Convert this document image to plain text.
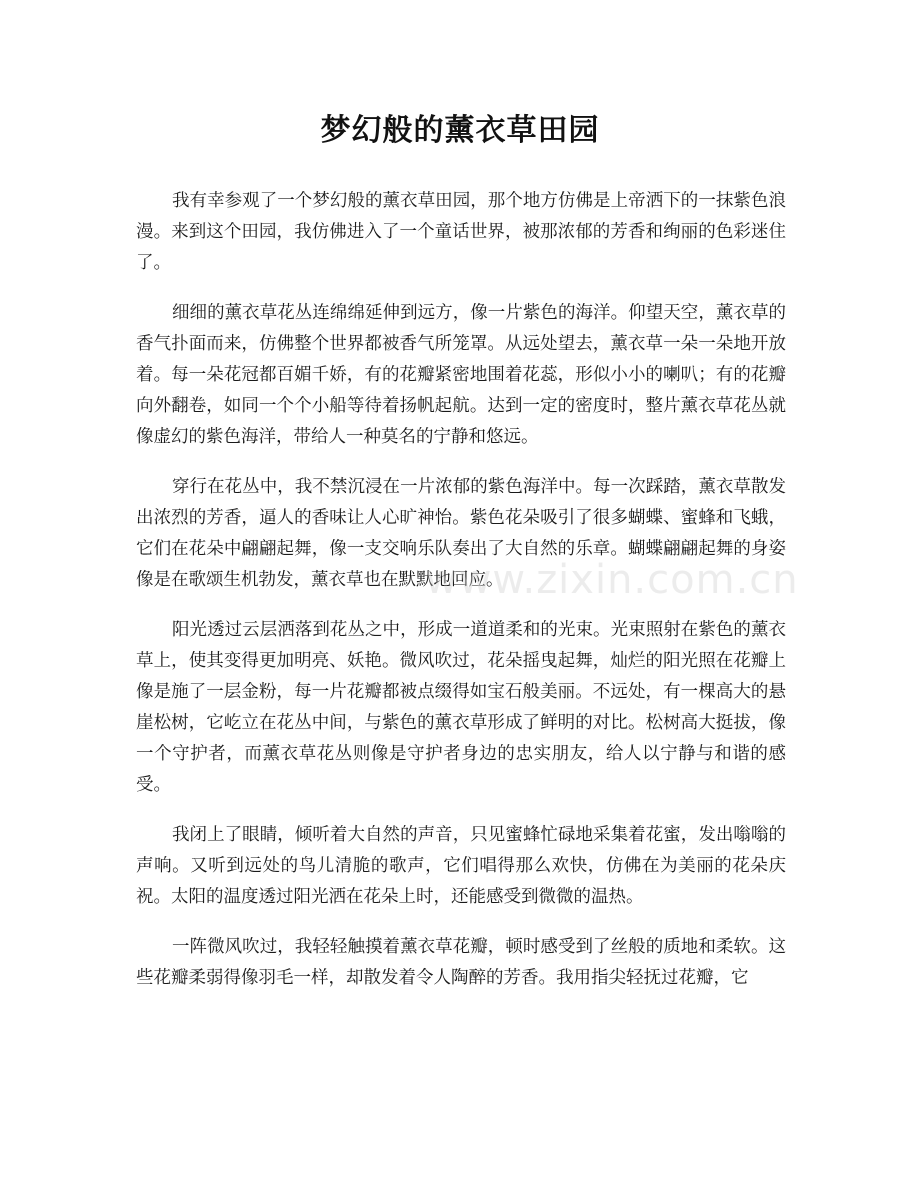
梦幻般的薰衣草田园

我有幸参观了一个梦幻般的薰衣草田园，那个地方仿佛是上帝洒下的一抹紫色浪漫。来到这个田园，我仿佛进入了一个童话世界，被那浓郁的芳香和绚丽的色彩迷住了。

细细的薰衣草花丛连绵绵延伸到远方，像一片紫色的海洋。仰望天空，薰衣草的香气扑面而来，仿佛整个世界都被香气所笼罩。从远处望去，薰衣草一朵一朵地开放着。每一朵花冠都百媚千娇，有的花瓣紧密地围着花蕊，形似小小的喇叭；有的花瓣向外翻卷，如同一个个小船等待着扬帆起航。达到一定的密度时，整片薰衣草花丛就像虚幻的紫色海洋，带给人一种莫名的宁静和悠远。

穿行在花丛中，我不禁沉浸在一片浓郁的紫色海洋中。每一次踩踏，薰衣草散发出浓烈的芳香，逼人的香味让人心旷神怡。紫色花朵吸引了很多蝴蝶、蜜蜂和飞蛾，它们在花朵中翩翩起舞，像一支交响乐队奏出了大自然的乐章。蝴蝶翩翩起舞的身姿像是在歌颂生机勃发，薰衣草也在默默地回应。

阳光透过云层洒落到花丛之中，形成一道道柔和的光束。光束照射在紫色的薰衣草上，使其变得更加明亮、妖艳。微风吹过，花朵摇曳起舞，灿烂的阳光照在花瓣上像是施了一层金粉，每一片花瓣都被点缀得如宝石般美丽。不远处，有一棵高大的悬崖松树，它屹立在花丛中间，与紫色的薰衣草形成了鲜明的对比。松树高大挺拔，像一个守护者，而薰衣草花丛则像是守护者身边的忠实朋友，给人以宁静与和谐的感受。

我闭上了眼睛，倾听着大自然的声音，只见蜜蜂忙碌地采集着花蜜，发出嗡嗡的声响。又听到远处的鸟儿清脆的歌声，它们唱得那么欢快，仿佛在为美丽的花朵庆祝。太阳的温度透过阳光洒在花朵上时，还能感受到微微的温热。

一阵微风吹过，我轻轻触摸着薰衣草花瓣，顿时感受到了丝般的质地和柔软。这些花瓣柔弱得像羽毛一样，却散发着令人陶醉的芳香。我用指尖轻抚过花瓣，它

www.zixin.com.cn
